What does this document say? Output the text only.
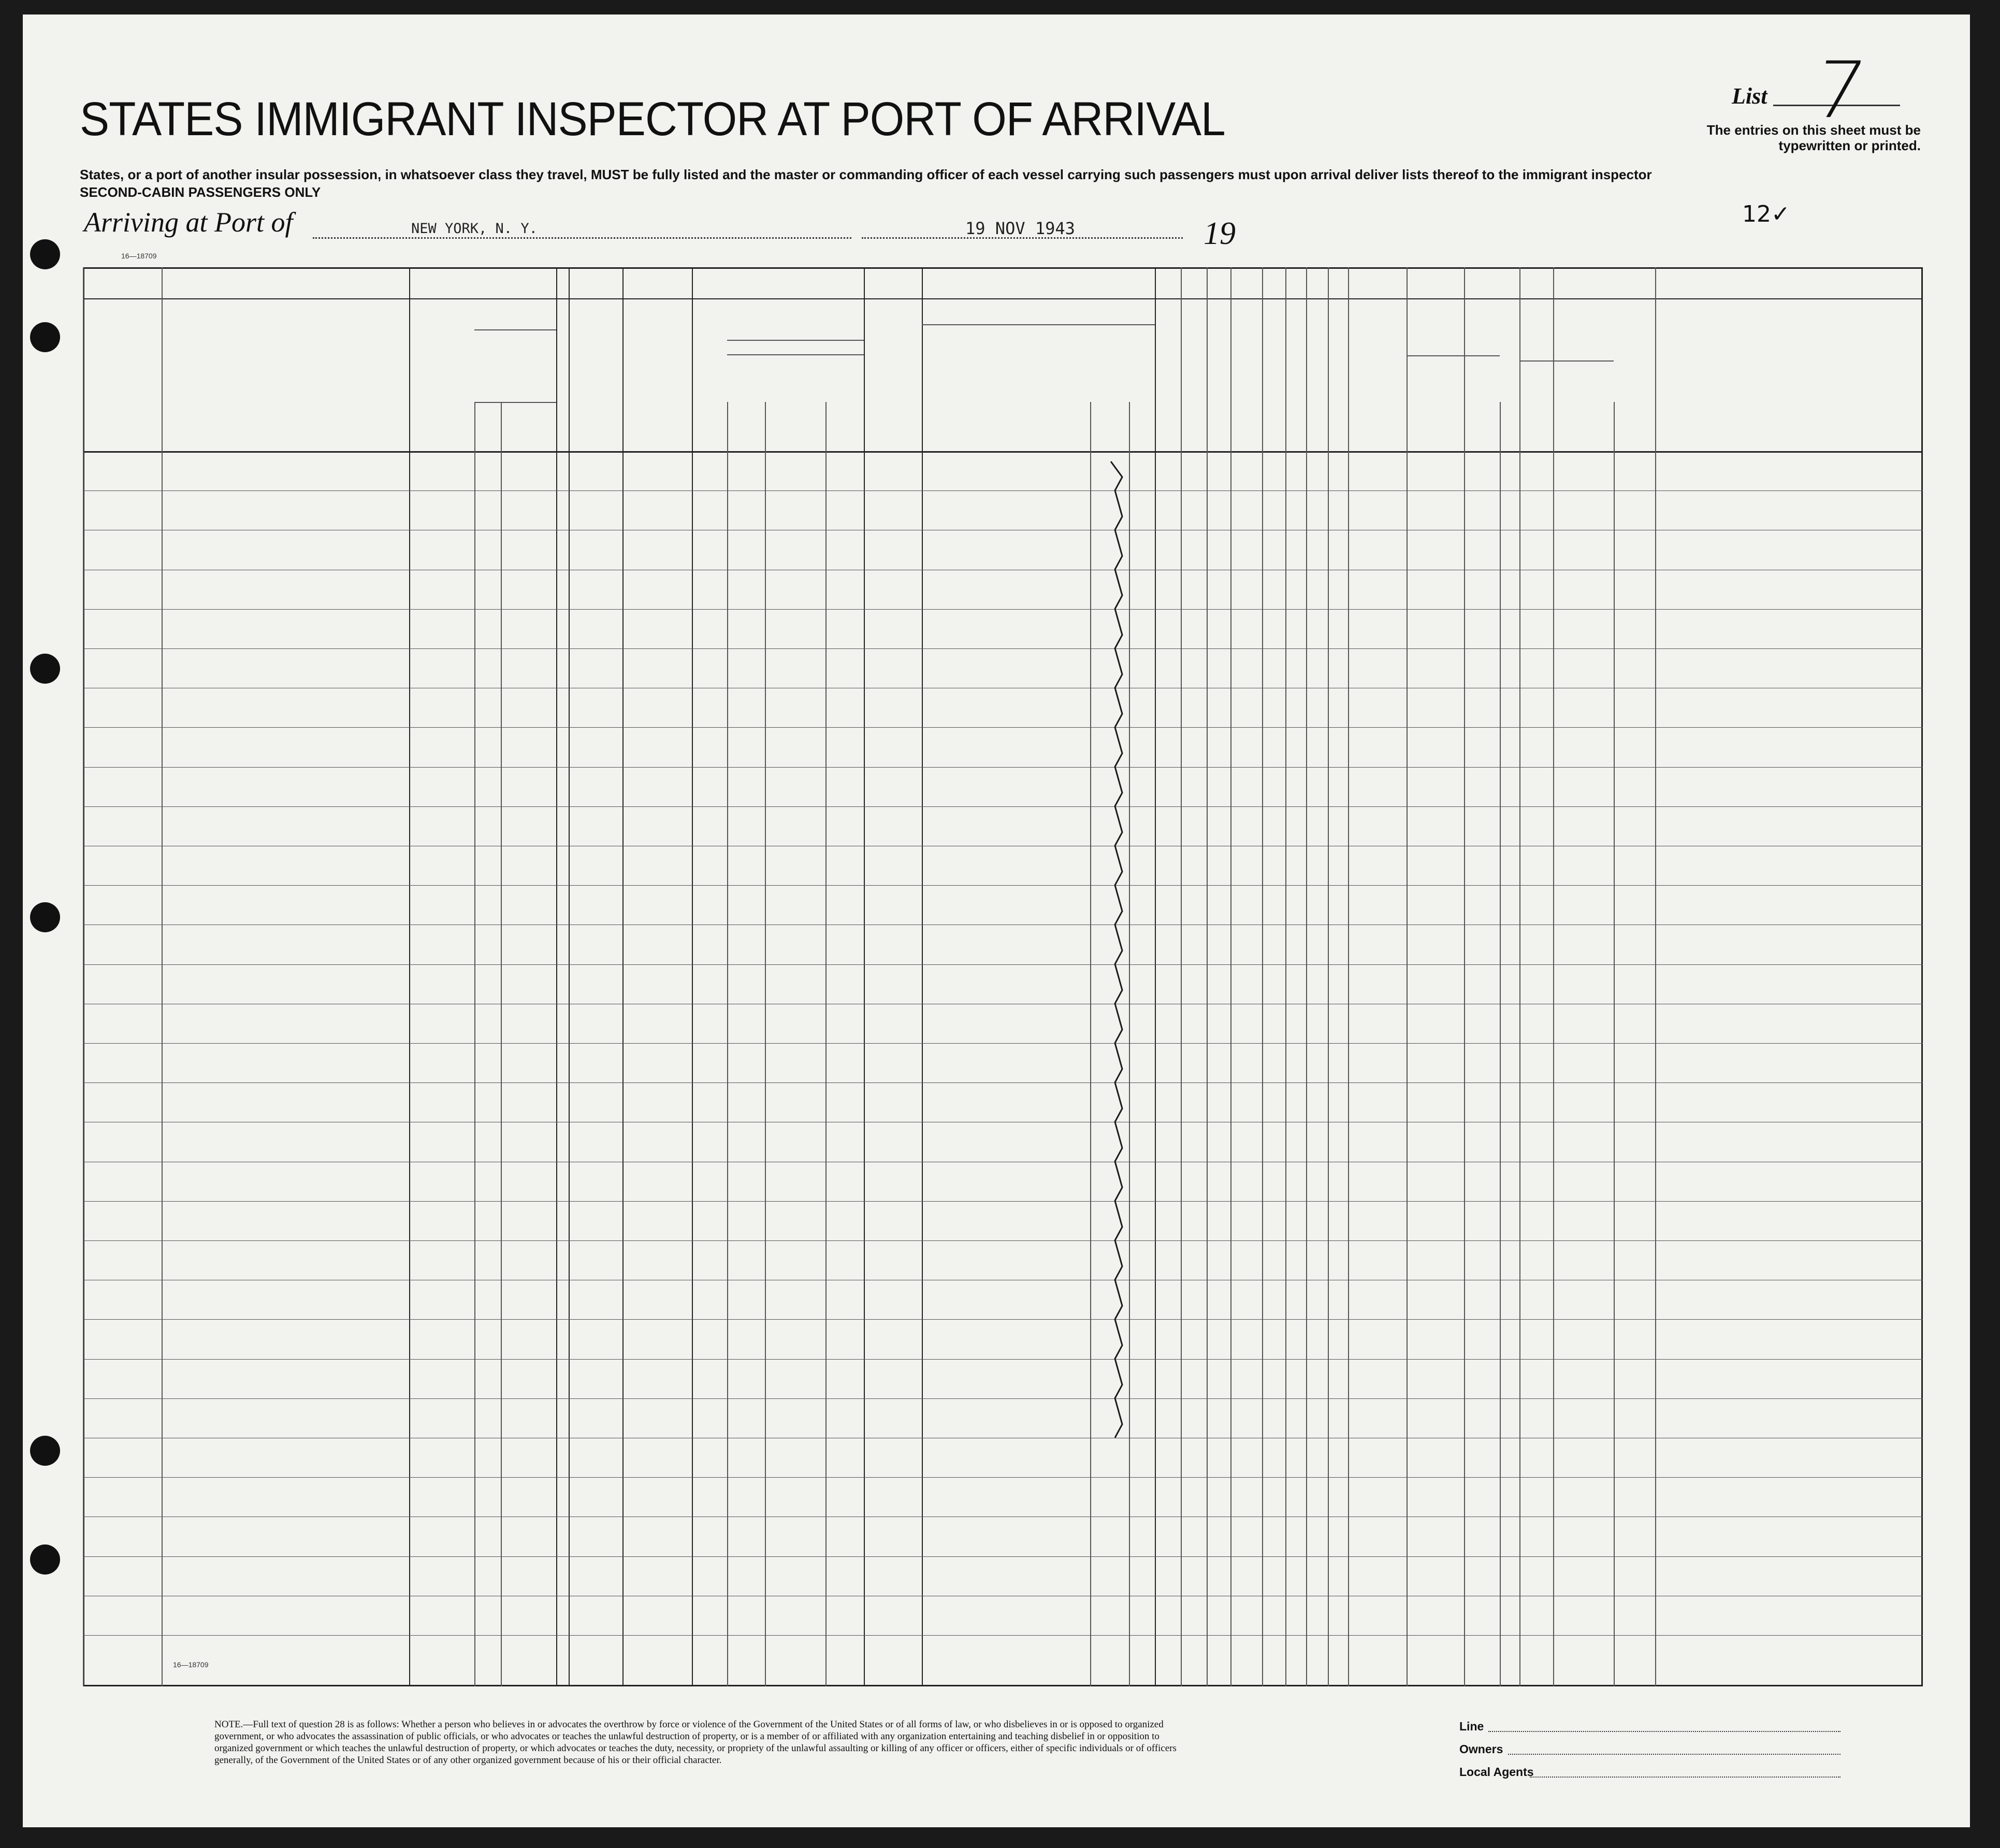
STATES IMMIGRANT INSPECTOR AT PORT OF ARRIVAL
States, or a port of another insular possession, in whatsoever class they travel, MUST be fully listed and the master or commanding officer of each vessel carrying such passengers must upon arrival deliver lists thereof to the immigrant inspector
SECOND-CABIN PASSENGERS ONLY
List 7
The entries on this sheet must be typewritten or printed.
Arriving at Port of	NEW YORK, N. Y.	19 NOV 1943	19
12✓
16—18709
16—18709
NOTE.—Full text of question 28 is as follows: Whether a person who believes in or advocates the overthrow by force or violence of the Government of the United States or of all forms of law, or who disbelieves in or is opposed to organized government, or who advocates the assassination of public officials, or who advocates or teaches the unlawful destruction of property, or is a member of or affiliated with any organization entertaining and teaching disbelief in or opposition to organized government or which teaches the unlawful destruction of property, or which advocates or teaches the duty, necessity, or propriety of the unlawful assaulting or killing of any officer or officers, either of specific individuals or of officers generally, of the Government of the United States or of any other organized government because of his or their official character.
Line
Owners
Local Agents
